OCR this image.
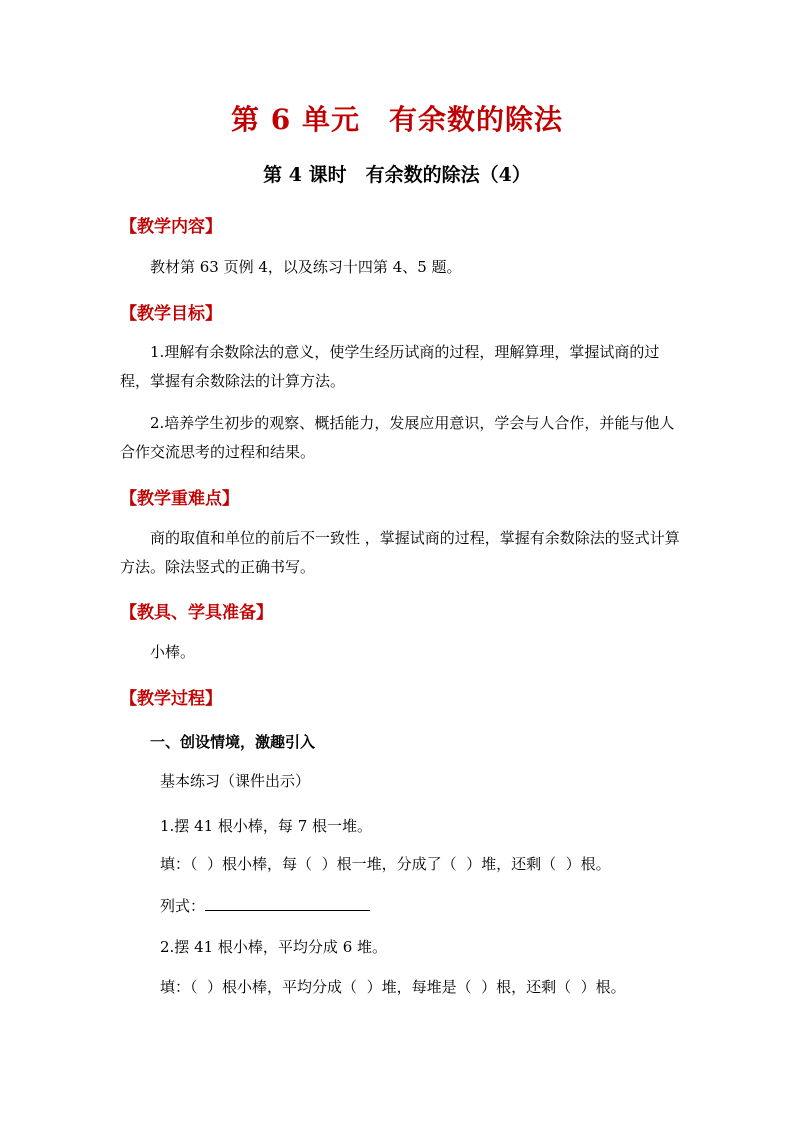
第 6 单元　有余数的除法
第 4 课时　有余数的除法（4）
【教学内容】
教材第 63 页例 4，以及练习十四第 4、5 题。
【教学目标】
1.理解有余数除法的意义，使学生经历试商的过程，理解算理，掌握试商的过程，掌握有余数除法的计算方法。
2.培养学生初步的观察、概括能力，发展应用意识，学会与人合作，并能与他人合作交流思考的过程和结果。
【教学重难点】
商的取值和单位的前后不一致性 ，掌握试商的过程，掌握有余数除法的竖式计算方法。除法竖式的正确书写。
【教具、学具准备】
小棒。
【教学过程】
一、创设情境，激趣引入
基本练习（课件出示）
1.摆 41 根小棒，每 7 根一堆。
填：（  ）根小棒，每（  ）根一堆，分成了（  ）堆，还剩（  ）根。
列式：
2.摆 41 根小棒，平均分成 6 堆。
填：（  ）根小棒，平均分成（  ）堆，每堆是（  ）根，还剩（  ）根。
